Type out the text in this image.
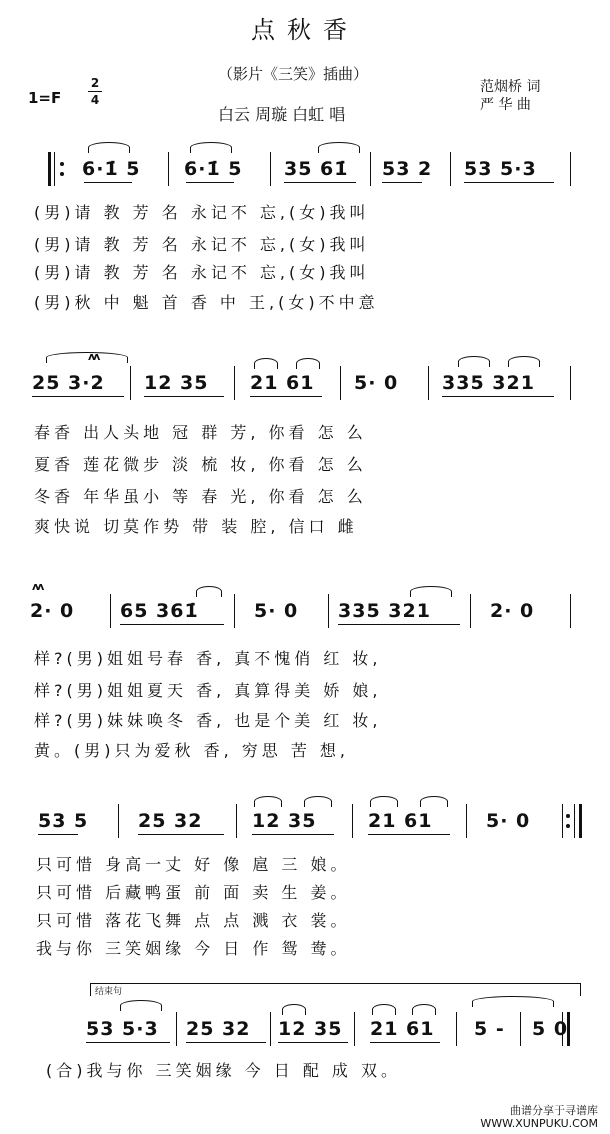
点秋香
（影片《三笑》插曲）
1=F
2
4
白云 周璇 白虹 唱
范烟桥 词
严 华 曲
6·1̇ 5 6·1̇ 5 35 61̇ 53 2 53 5·3
(男)请 教 芳 名 永记不 忘,(女)我叫
(男)请 教 芳 名 永记不 忘,(女)我叫
(男)请 教 芳 名 永记不 忘,(女)我叫
(男)秋 中 魁 首 香 中 王,(女)不中意
ᴧᴧ
25 3·2 12 35 21 61 5· 0 335 321
春香 出人头地 冠 群 芳, 你看 怎 么
夏香 莲花微步 淡 梳 妆, 你看 怎 么
冬香 年华虽小 等 春 光, 你看 怎 么
爽快说 切莫作势 带 装 腔, 信口 雌
ᴧᴧ
2· 0 65 361̇	5· 0 335 321	2· 0
样?(男)姐姐号春 香, 真不愧俏 红 妆,
样?(男)姐姐夏天 香, 真算得美 娇 娘,
样?(男)妹妹唤冬 香, 也是个美 红 妆,
黄。(男)只为爱秋 香, 穷思 苦 想,
53 5	25 32	12 35	21 61	5· 0
只可惜 身高一丈 好 像 扈 三 娘。
只可惜 后藏鸭蛋 前 面 卖 生 姜。
只可惜 落花飞舞 点 点 溅 衣 裳。
我与你 三笑姻缘 今 日 作 鸳 鸯。
结束句
53 5·3 25 32 12 35 21 61 5 - 5 0
(合)我与你 三笑姻缘 今 日 配 成 双。
曲谱分享于寻谱库
WWW.XUNPUKU.COM
